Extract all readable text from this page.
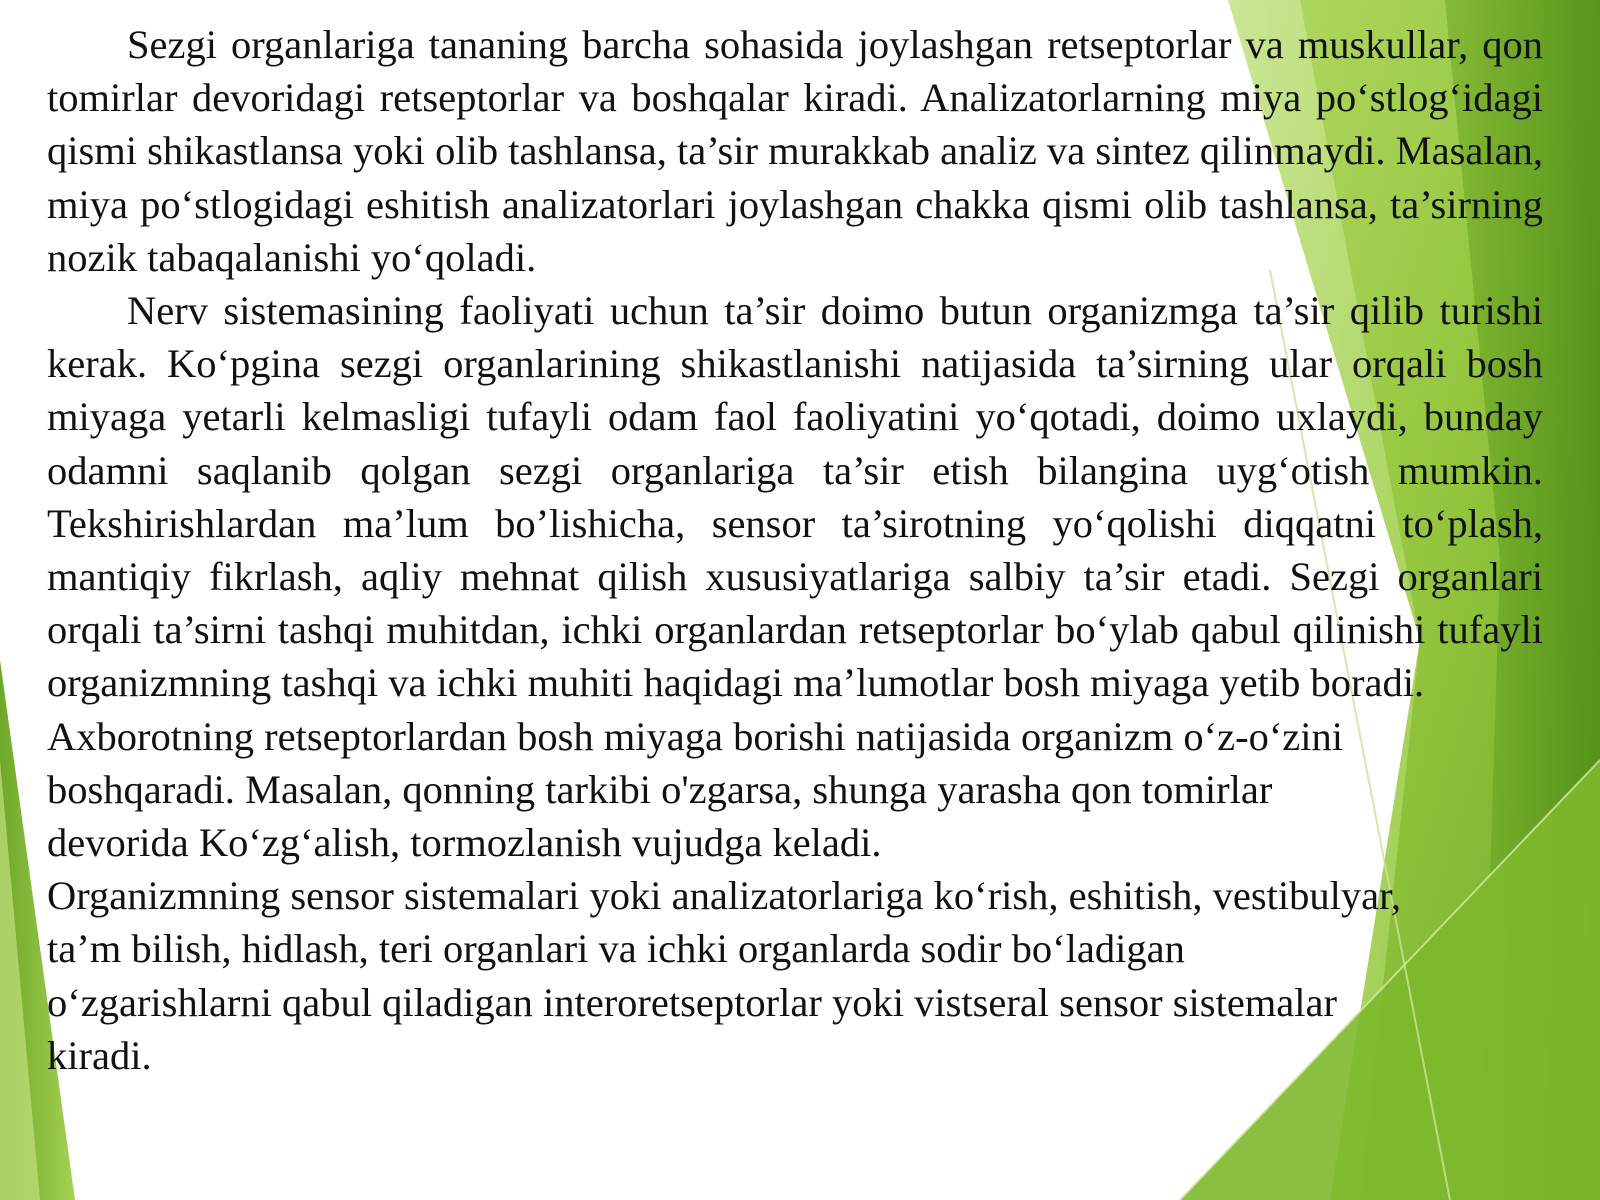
Sezgi organlariga tananing barcha sohasida joylashgan retseptorlar va muskullar, qon tomirlar devoridagi retseptorlar va boshqalar kiradi. Analizatorlarning miya po‘stlog‘idagi qismi shikastlansa yoki olib tashlansa, ta’sir murakkab analiz va sintez qilinmaydi. Masalan, miya po‘stlogidagi eshitish analizatorlari joylashgan chakka qismi olib tashlansa, ta’sirning nozik tabaqalanishi yo‘qoladi.

Nerv sistemasining faoliyati uchun ta’sir doimo butun organizmga ta’sir qilib turishi kerak. Ko‘pgina sezgi organlarining shikastlanishi natijasida ta’sirning ular orqali bosh miyaga yetarli kelmasligi tufayli odam faol faoliyatini yo‘qotadi, doimo uxlaydi, bunday odamni saqlanib qolgan sezgi organlariga ta’sir etish bilangina uyg‘otish mumkin. Tekshirishlardan ma’lum bo’lishicha, sensor ta’sirotning yo‘qolishi diqqatni to‘plash, mantiqiy fikrlash, aqliy mehnat qilish xususiyatlariga salbiy ta’sir etadi. Sezgi organlari orqali ta’sirni tashqi muhitdan, ichki organlardan retseptorlar bo‘ylab qabul qilinishi tufayli organizmning tashqi va ichki muhiti haqidagi ma’lumotlar bosh miyaga yetib boradi.

Axborotning retseptorlardan bosh miyaga borishi natijasida organizm o‘z-o‘zini
boshqaradi. Masalan, qonning tarkibi o'zgarsa, shunga yarasha qon tomirlar
devorida Ko‘zg‘alish, tormozlanish vujudga keladi.

Organizmning sensor sistemalari yoki analizatorlariga ko‘rish, eshitish, vestibulyar,
ta’m bilish, hidlash, teri organlari va ichki organlarda sodir bo‘ladigan
o‘zgarishlarni qabul qiladigan interoretseptorlar yoki vistseral sensor sistemalar
kiradi.
